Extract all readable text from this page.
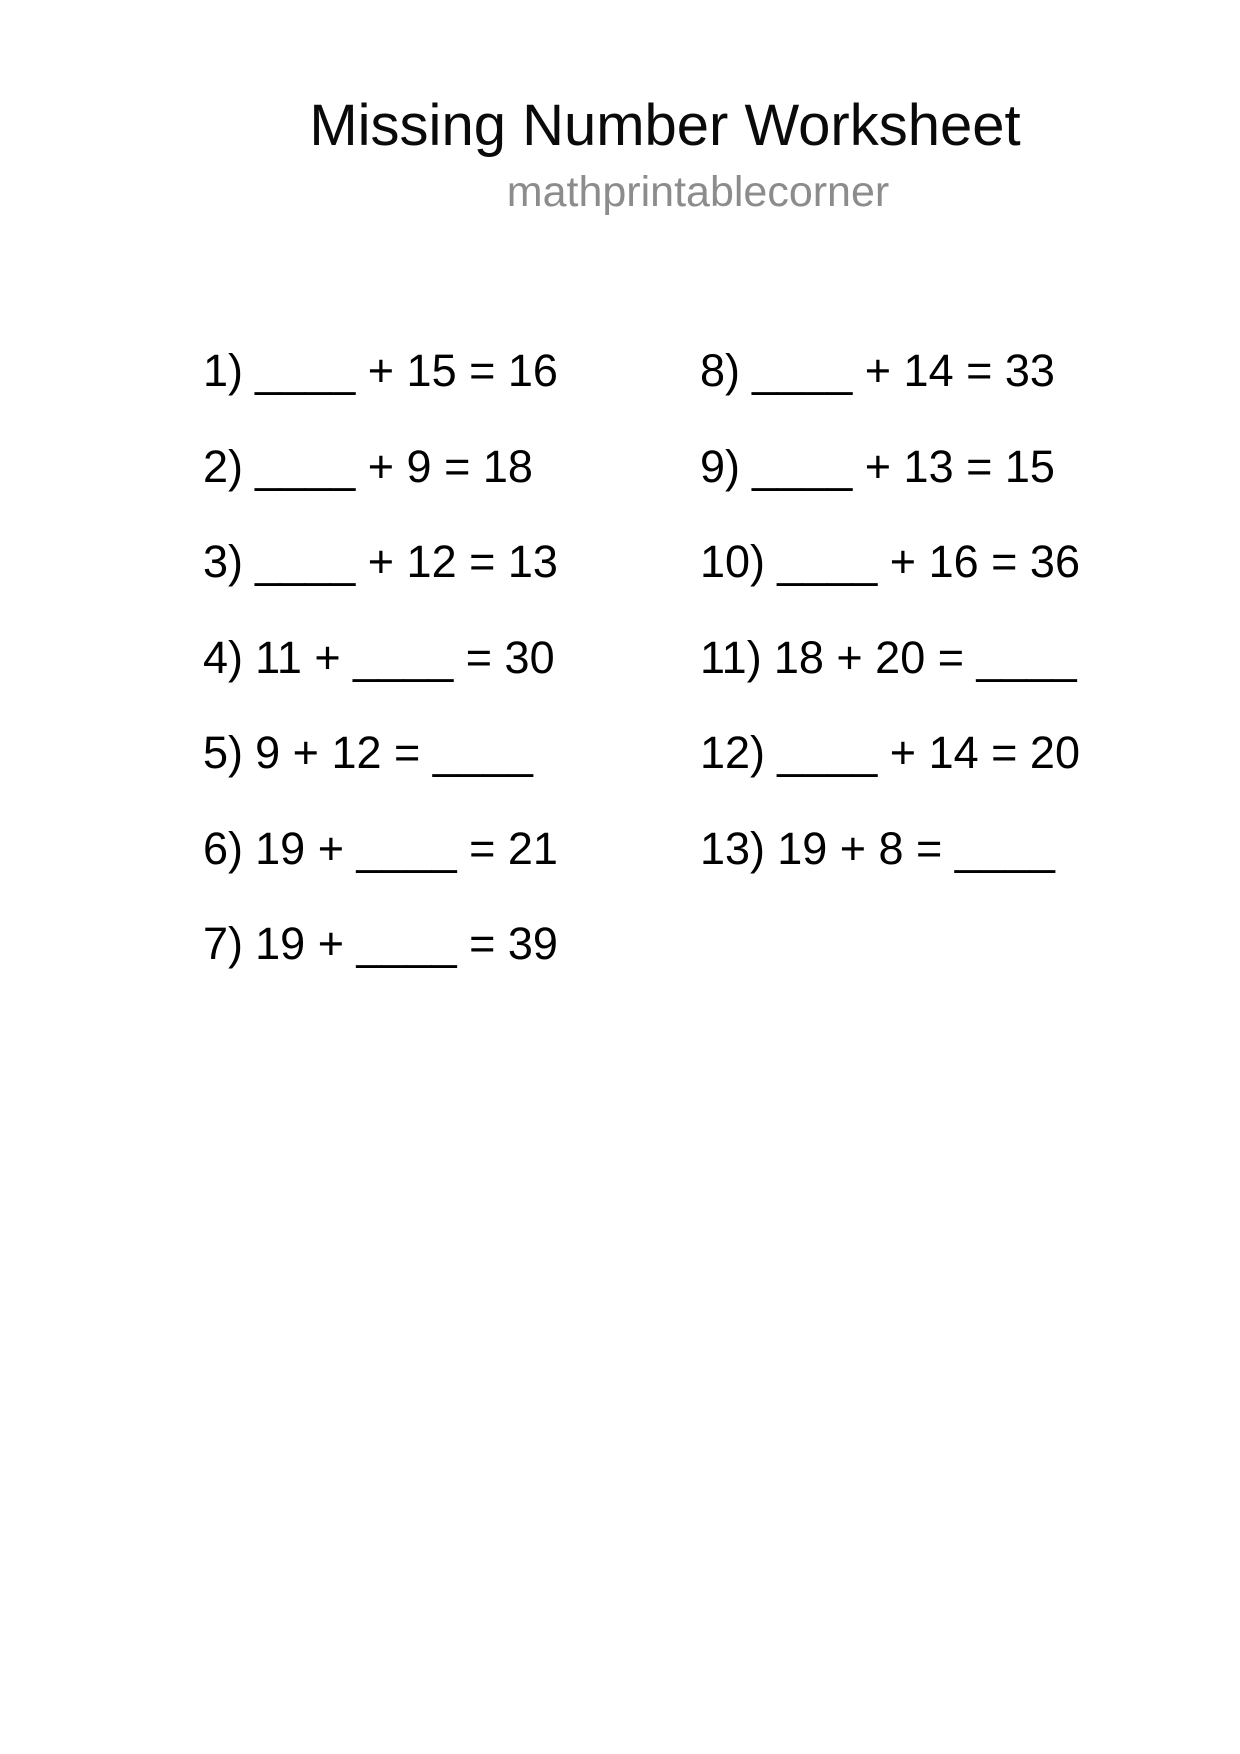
Missing Number Worksheet
mathprintablecorner
1) ____ + 15 = 16
2) ____ + 9 = 18
3) ____ + 12 = 13
4) 11 + ____ = 30
5) 9 + 12 = ____
6) 19 + ____ = 21
7) 19 + ____ = 39
8) ____ + 14 = 33
9) ____ + 13 = 15
10) ____ + 16 = 36
11) 18 + 20 = ____
12) ____ + 14 = 20
13) 19 + 8 = ____
